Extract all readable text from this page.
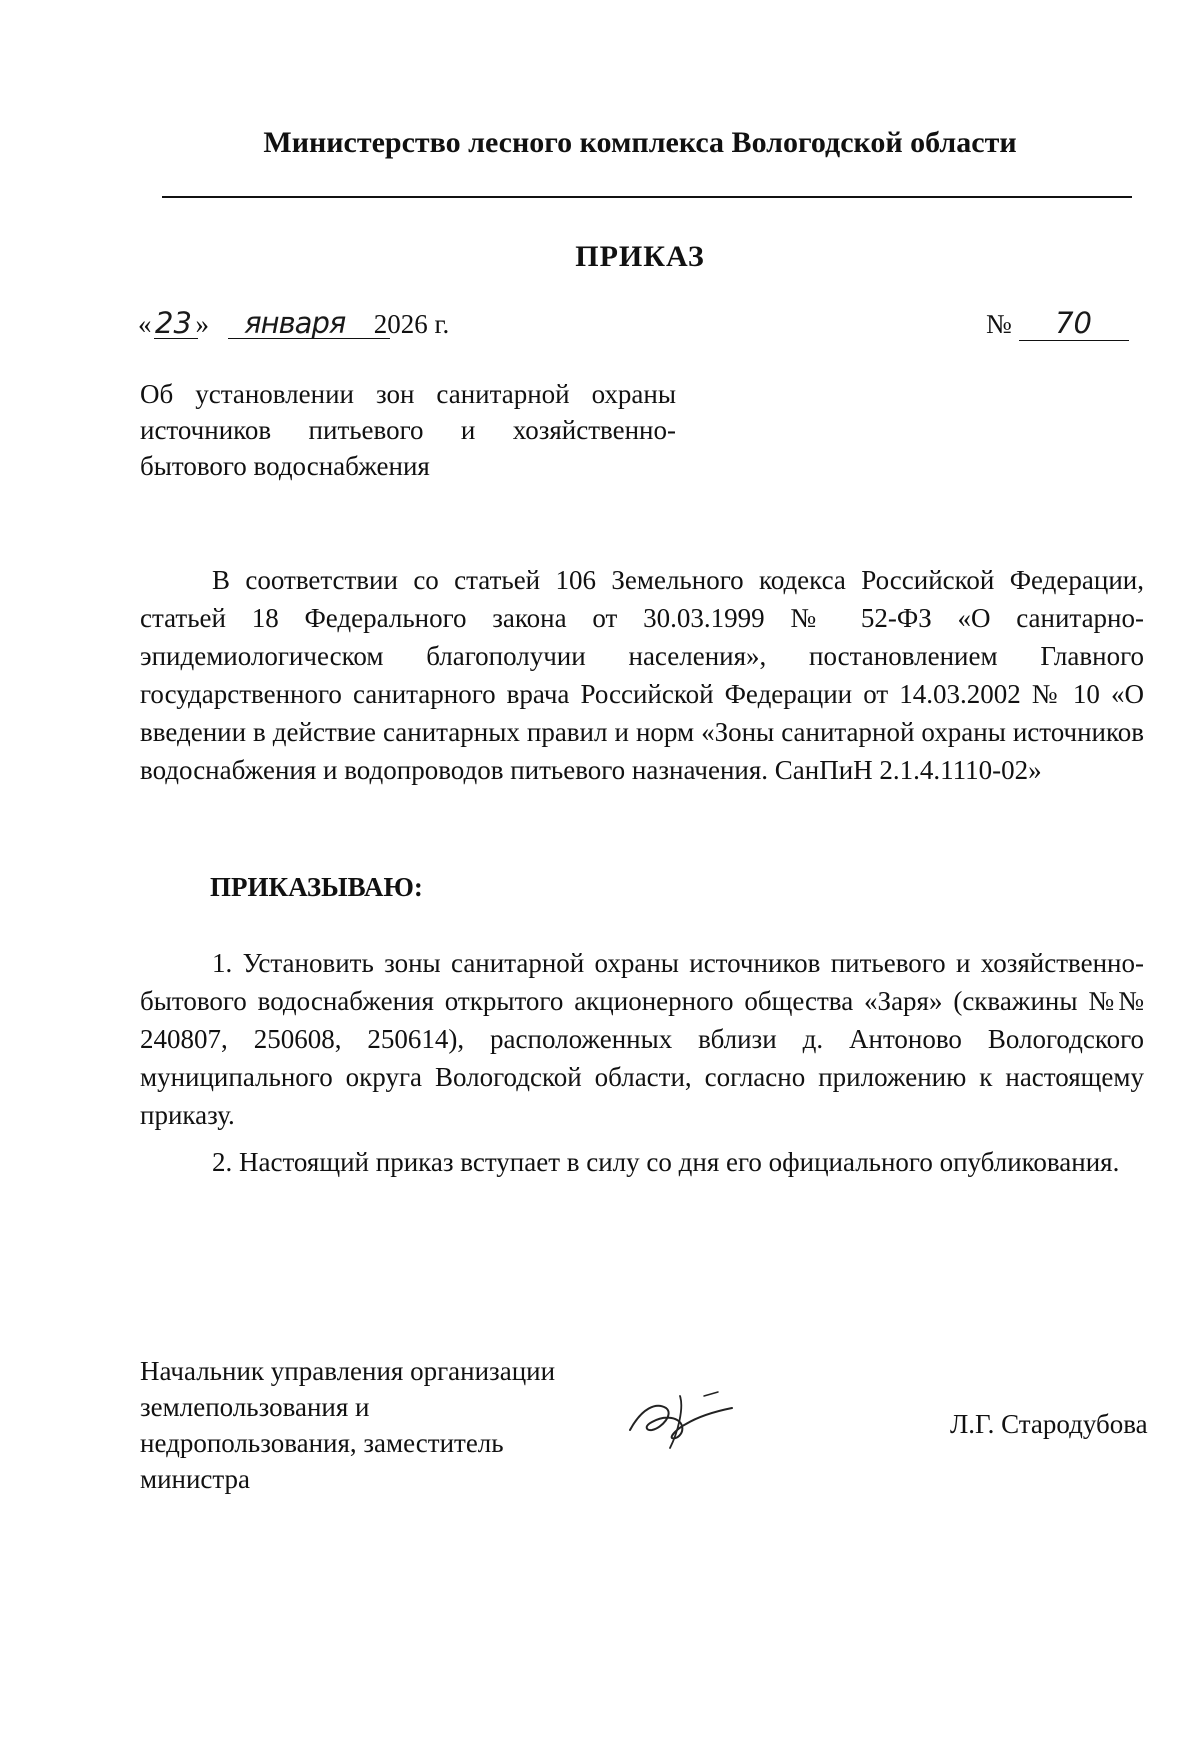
Министерство лесного комплекса Вологодской области
ПРИКАЗ
« 23 » января 2026 г.	№ 70

Об установлении зон санитарной охраны источников питьевого и хозяйственно-бытового водоснабжения

В соответствии со статьей 106 Земельного кодекса Российской Федерации, статьей 18 Федерального закона от 30.03.1999 № 52-ФЗ «О санитарно-эпидемиологическом благополучии населения», постановлением Главного государственного санитарного врача Российской Федерации от 14.03.2002 № 10 «О введении в действие санитарных правил и норм «Зоны санитарной охраны источников водоснабжения и водопроводов питьевого назначения. СанПиН 2.1.4.1110-02»

ПРИКАЗЫВАЮ:

1. Установить зоны санитарной охраны источников питьевого и хозяйственно-бытового водоснабжения открытого акционерного общества «Заря» (скважины №№ 240807, 250608, 250614), расположенных вблизи д. Антоново Вологодского муниципального округа Вологодской области, согласно приложению к настоящему приказу.

2. Настоящий приказ вступает в силу со дня его официального опубликования.

Начальник управления организации землепользования и недропользования, заместитель министра
Л.Г. Стародубова
